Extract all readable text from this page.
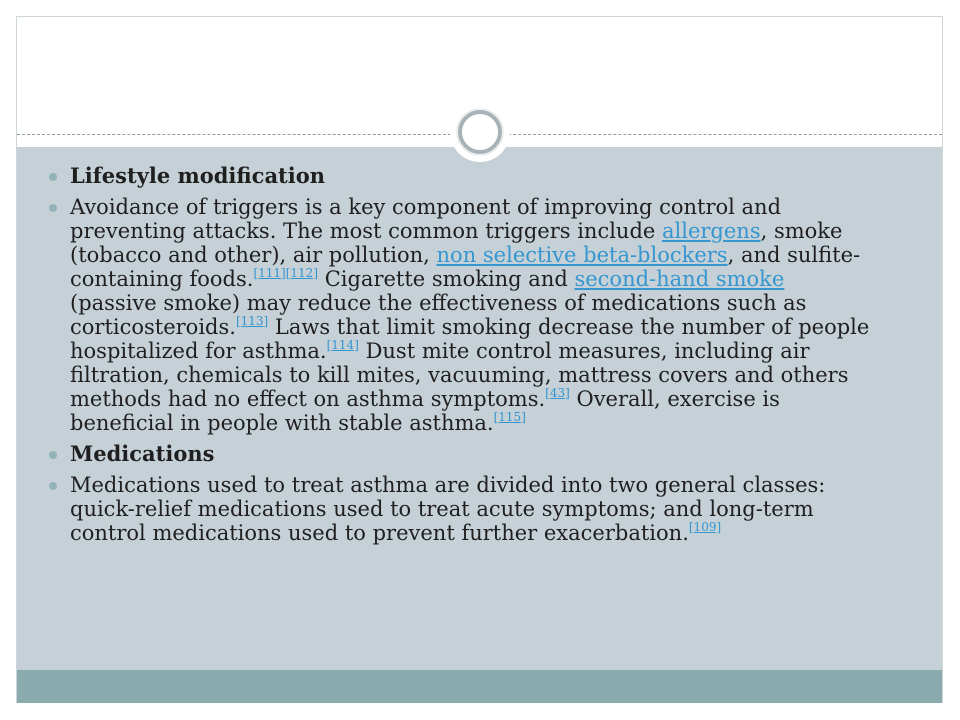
Lifestyle modification
Avoidance of triggers is a key component of improving control and
preventing attacks. The most common triggers include allergens, smoke
(tobacco and other), air pollution, non selective beta-blockers, and sulfite-
containing foods.[111][112] Cigarette smoking and second-hand smoke
(passive smoke) may reduce the effectiveness of medications such as
corticosteroids.[113] Laws that limit smoking decrease the number of people
hospitalized for asthma.[114] Dust mite control measures, including air
filtration, chemicals to kill mites, vacuuming, mattress covers and others
methods had no effect on asthma symptoms.[43] Overall, exercise is
beneficial in people with stable asthma.[115]
Medications
Medications used to treat asthma are divided into two general classes:
quick-relief medications used to treat acute symptoms; and long-term
control medications used to prevent further exacerbation.[109]
